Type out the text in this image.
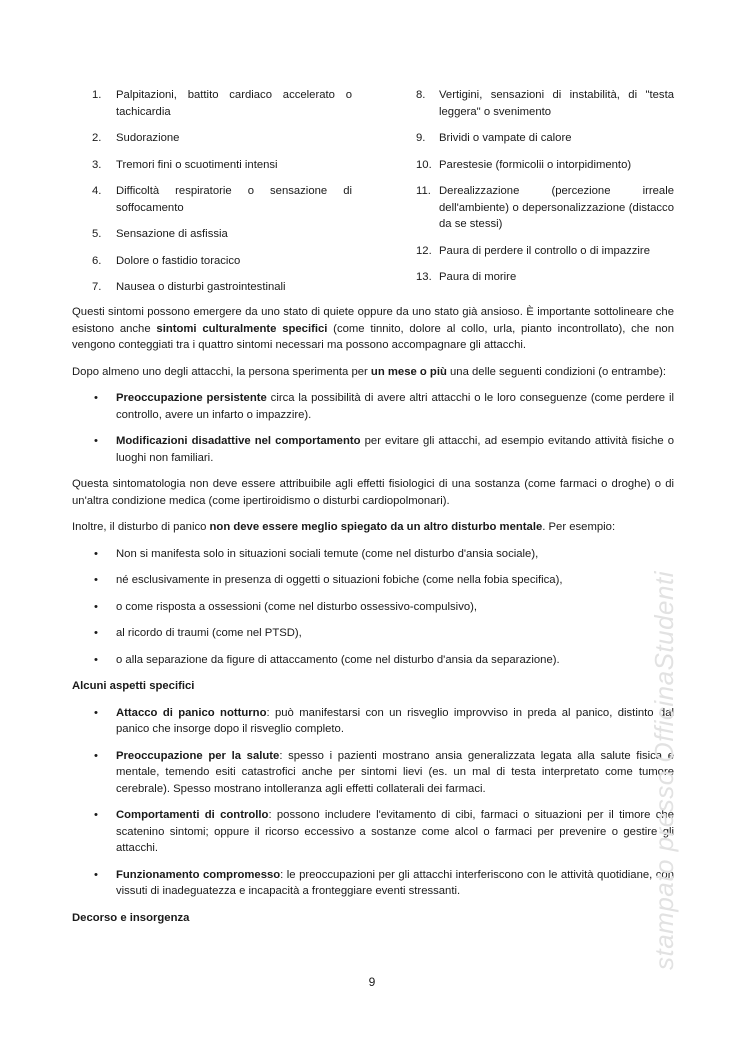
1.	Palpitazioni, battito cardiaco accelerato o tachicardia
2.	Sudorazione
3.	Tremori fini o scuotimenti intensi
4.	Difficoltà respiratorie o sensazione di soffocamento
5.	Sensazione di asfissia
6.	Dolore o fastidio toracico
7.	Nausea o disturbi gastrointestinali
8.	Vertigini, sensazioni di instabilità, di "testa leggera" o svenimento
9.	Brividi o vampate di calore
10. Parestesie (formicolii o intorpidimento)
11. Derealizzazione (percezione irreale dell'ambiente) o depersonalizzazione (distacco da se stessi)
12. Paura di perdere il controllo o di impazzire
13. Paura di morire

Questi sintomi possono emergere da uno stato di quiete oppure da uno stato già ansioso. È importante sottolineare che esistono anche sintomi culturalmente specifici (come tinnito, dolore al collo, urla, pianto incontrollato), che non vengono conteggiati tra i quattro sintomi necessari ma possono accompagnare gli attacchi.

Dopo almeno uno degli attacchi, la persona sperimenta per un mese o più una delle seguenti condizioni (o entrambe):

•	Preoccupazione persistente circa la possibilità di avere altri attacchi o le loro conseguenze (come perdere il controllo, avere un infarto o impazzire).
•	Modificazioni disadattive nel comportamento per evitare gli attacchi, ad esempio evitando attività fisiche o luoghi non familiari.

Questa sintomatologia non deve essere attribuibile agli effetti fisiologici di una sostanza (come farmaci o droghe) o di un'altra condizione medica (come ipertiroidismo o disturbi cardiopolmonari).

Inoltre, il disturbo di panico non deve essere meglio spiegato da un altro disturbo mentale. Per esempio:

•	Non si manifesta solo in situazioni sociali temute (come nel disturbo d'ansia sociale),
•	né esclusivamente in presenza di oggetti o situazioni fobiche (come nella fobia specifica),
•	o come risposta a ossessioni (come nel disturbo ossessivo-compulsivo),
•	al ricordo di traumi (come nel PTSD),
•	o alla separazione da figure di attaccamento (come nel disturbo d'ansia da separazione).
Alcuni aspetti specifici
•	Attacco di panico notturno: può manifestarsi con un risveglio improvviso in preda al panico, distinto dal panico che insorge dopo il risveglio completo.
•	Preoccupazione per la salute: spesso i pazienti mostrano ansia generalizzata legata alla salute fisica e mentale, temendo esiti catastrofici anche per sintomi lievi (es. un mal di testa interpretato come tumore cerebrale). Spesso mostrano intolleranza agli effetti collaterali dei farmaci.
•	Comportamenti di controllo: possono includere l'evitamento di cibi, farmaci o situazioni per il timore che scatenino sintomi; oppure il ricorso eccessivo a sostanze come alcol o farmaci per prevenire o gestire gli attacchi.
•	Funzionamento compromesso: le preoccupazioni per gli attacchi interferiscono con le attività quotidiane, con vissuti di inadeguatezza e incapacità a fronteggiare eventi stressanti.
Decorso e insorgenza
9
stampato presso OfficinaStudenti
